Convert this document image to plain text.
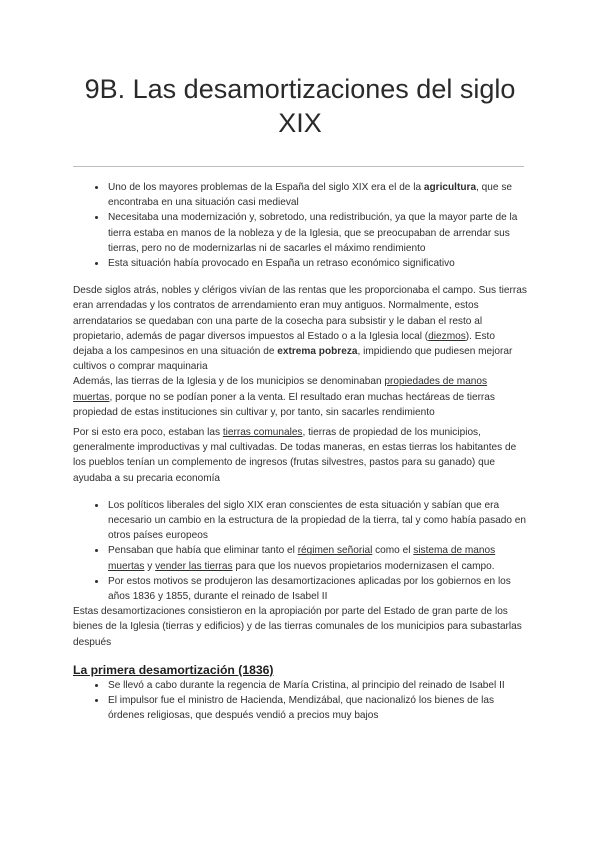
9B. Las desamortizaciones del siglo XIX
• Uno de los mayores problemas de la España del siglo XIX era el de la agricultura, que se encontraba en una situación casi medieval
• Necesitaba una modernización y, sobretodo, una redistribución, ya que la mayor parte de la tierra estaba en manos de la nobleza y de la Iglesia, que se preocupaban de arrendar sus tierras, pero no de modernizarlas ni de sacarles el máximo rendimiento
• Esta situación había provocado en España un retraso económico significativo

Desde siglos atrás, nobles y clérigos vivían de las rentas que les proporcionaba el campo. Sus tierras eran arrendadas y los contratos de arrendamiento eran muy antiguos. Normalmente, estos arrendatarios se quedaban con una parte de la cosecha para subsistir y le daban el resto al propietario, además de pagar diversos impuestos al Estado o a la Iglesia local (diezmos). Esto dejaba a los campesinos en una situación de extrema pobreza, impidiendo que pudiesen mejorar cultivos o comprar maquinaria

Además, las tierras de la Iglesia y de los municipios se denominaban propiedades de manos muertas, porque no se podían poner a la venta. El resultado eran muchas hectáreas de tierras propiedad de estas instituciones sin cultivar y, por tanto, sin sacarles rendimiento

Por si esto era poco, estaban las tierras comunales, tierras de propiedad de los municipios, generalmente improductivas y mal cultivadas. De todas maneras, en estas tierras los habitantes de los pueblos tenían un complemento de ingresos (frutas silvestres, pastos para su ganado) que ayudaba a su precaria economía

• Los políticos liberales del siglo XIX eran conscientes de esta situación y sabían que era necesario un cambio en la estructura de la propiedad de la tierra, tal y como había pasado en otros países europeos
• Pensaban que había que eliminar tanto el régimen señorial como el sistema de manos muertas y vender las tierras para que los nuevos propietarios modernizasen el campo.
• Por estos motivos se produjeron las desamortizaciones aplicadas por los gobiernos en los años 1836 y 1855, durante el reinado de Isabel II

Estas desamortizaciones consistieron en la apropiación por parte del Estado de gran parte de los bienes de la Iglesia (tierras y edificios) y de las tierras comunales de los municipios para subastarlas después

La primera desamortización (1836)
• Se llevó a cabo durante la regencia de María Cristina, al principio del reinado de Isabel II
• El impulsor fue el ministro de Hacienda, Mendizábal, que nacionalizó los bienes de las órdenes religiosas, que después vendió a precios muy bajos
